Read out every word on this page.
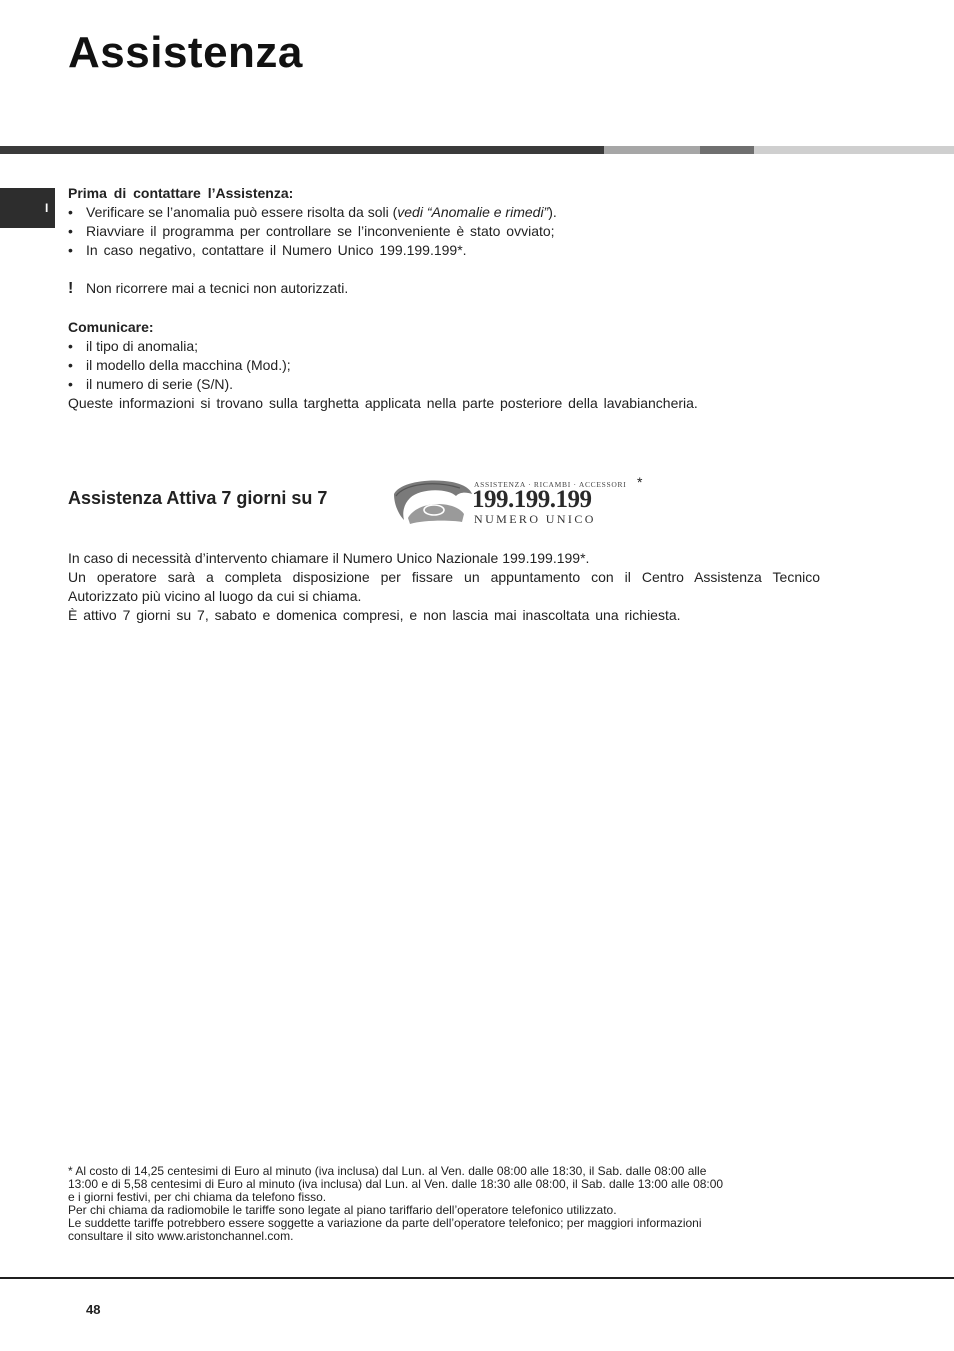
Assistenza
I
Prima di contattare l’Assistenza:
• Verificare se l’anomalia può essere risolta da soli (vedi “Anomalie e rimedi”).
• Riavviare il programma per controllare se l’inconveniente è stato ovviato;
• In caso negativo, contattare il Numero Unico 199.199.199*.
! Non ricorrere mai a tecnici non autorizzati.
Comunicare:
• il tipo di anomalia;
• il modello della macchina (Mod.);
• il numero di serie (S/N).
Queste informazioni si trovano sulla targhetta applicata nella parte posteriore della lavabiancheria.
Assistenza Attiva 7 giorni su 7
ASSISTENZA · RICAMBI · ACCESSORI
199.199.199
NUMERO UNICO
*
In caso di necessità d’intervento chiamare il Numero Unico Nazionale 199.199.199*.
Un operatore sarà a completa disposizione per fissare un appuntamento con il Centro Assistenza Tecnico
Autorizzato più vicino al luogo da cui si chiama.
È attivo 7 giorni su 7, sabato e domenica compresi, e non lascia mai inascoltata una richiesta.
* Al costo di 14,25 centesimi di Euro al minuto (iva inclusa) dal Lun. al Ven. dalle 08:00 alle 18:30, il Sab. dalle 08:00 alle
13:00 e di 5,58 centesimi di Euro al minuto (iva inclusa) dal Lun. al Ven. dalle 18:30 alle 08:00, il Sab. dalle 13:00 alle 08:00
e i giorni festivi, per chi chiama da telefono fisso.
Per chi chiama da radiomobile le tariffe sono legate al piano tariffario dell’operatore telefonico utilizzato.
Le suddette tariffe potrebbero essere soggette a variazione da parte dell’operatore telefonico; per maggiori informazioni
consultare il sito www.aristonchannel.com.
48
